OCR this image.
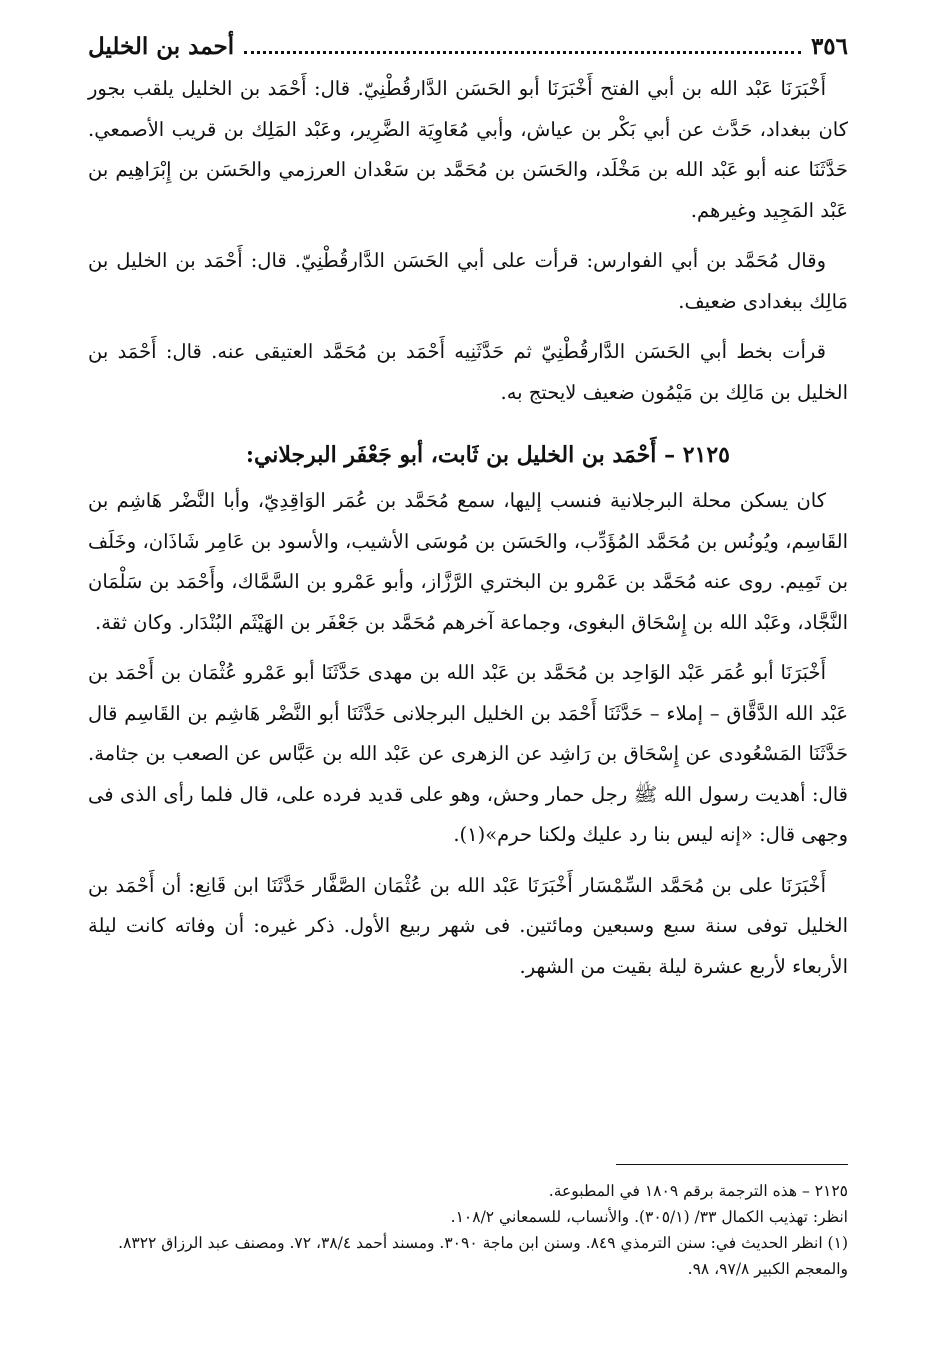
٣٥٦
أحمد بن الخليل

أَخْبَرَنَا عَبْد الله بن أبي الفتح أَخْبَرَنَا أبو الحَسَن الدَّارقُطْنِيّ. قال: أَحْمَد بن الخليل يلقب بجور كان ببغداد، حَدَّث عن أبي بَكْر بن عياش، وأبي مُعَاوِيَة الضَّرِير، وعَبْد المَلِك بن قريب الأصمعي. حَدَّثَنَا عنه أبو عَبْد الله بن مَخْلَد، والحَسَن بن مُحَمَّد بن سَعْدان العرزمي والحَسَن بن إِبْرَاهِيم بن عَبْد المَجِيد وغيرهم.

وقال مُحَمَّد بن أبي الفوارس: قرأت على أبي الحَسَن الدَّارقُطْنِيّ. قال: أَحْمَد بن الخليل بن مَالِك ببغدادى ضعيف.

قرأت بخط أبي الحَسَن الدَّارقُطْنِيّ ثم حَدَّثَنِيه أَحْمَد بن مُحَمَّد العتيقى عنه. قال: أَحْمَد بن الخليل بن مَالِك بن مَيْمُون ضعيف لايحتج به.

٢١٢٥ – أَحْمَد بن الخليل بن ثَابت، أبو جَعْفَر البرجلاني:

كان يسكن محلة البرجلانية فنسب إليها، سمع مُحَمَّد بن عُمَر الوَاقِدِيّ، وأبا النَّضْر هَاشِم بن القَاسِم، ويُونُس بن مُحَمَّد المُؤَدِّب، والحَسَن بن مُوسَى الأشيب، والأسود بن عَامِر شَاذَان، وخَلَف بن تَمِيم. روى عنه مُحَمَّد بن عَمْرو بن البختري الرَّزَّاز، وأبو عَمْرو بن السَّمَّاك، وأَحْمَد بن سَلْمَان النَّجَّاد، وعَبْد الله بن إِسْحَاق البغوى، وجماعة آخرهم مُحَمَّد بن جَعْفَر بن الهَيْثَم البُنْدَار. وكان ثقة.

أَخْبَرَنَا أبو عُمَر عَبْد الوَاحِد بن مُحَمَّد بن عَبْد الله بن مهدى حَدَّثَنَا أبو عَمْرو عُثْمَان بن أَحْمَد بن عَبْد الله الدَّقَّاق – إملاء – حَدَّثَنَا أَحْمَد بن الخليل البرجلانى حَدَّثَنَا أبو النَّضْر هَاشِم بن القَاسِم قال حَدَّثَنَا المَسْعُودى عن إِسْحَاق بن رَاشِد عن الزهرى عن عَبْد الله بن عَبَّاس عن الصعب بن جثامة. قال: أهديت رسول الله ﷺ رجل حمار وحش، وهو على قديد فرده على، قال فلما رأى الذى فى وجهى قال: «إنه ليس بنا رد عليك ولكنا حرم»(١).

أَخْبَرَنَا على بن مُحَمَّد السِّمْسَار أَخْبَرَنَا عَبْد الله بن عُثْمَان الصَّفَّار حَدَّثَنَا ابن قَانِع: أن أَحْمَد بن الخليل توفى سنة سبع وسبعين ومائتين. فى شهر ربيع الأول. ذكر غيره: أن وفاته كانت ليلة الأربعاء لأربع عشرة ليلة بقيت من الشهر.

٢١٢٥ – هذه الترجمة برقم ١٨٠٩ في المطبوعة.

انظر: تهذيب الكمال ٣٣/ (٣٠٥/١). والأنساب، للسمعاني ١٠٨/٢.

(١) انظر الحديث في: سنن الترمذي ٨٤٩. وسنن ابن ماجة ٣٠٩٠. ومسند أحمد ٣٨/٤، ٧٢. ومصنف عبد الرزاق ٨٣٢٢. والمعجم الكبير ٩٧/٨، ٩٨.
